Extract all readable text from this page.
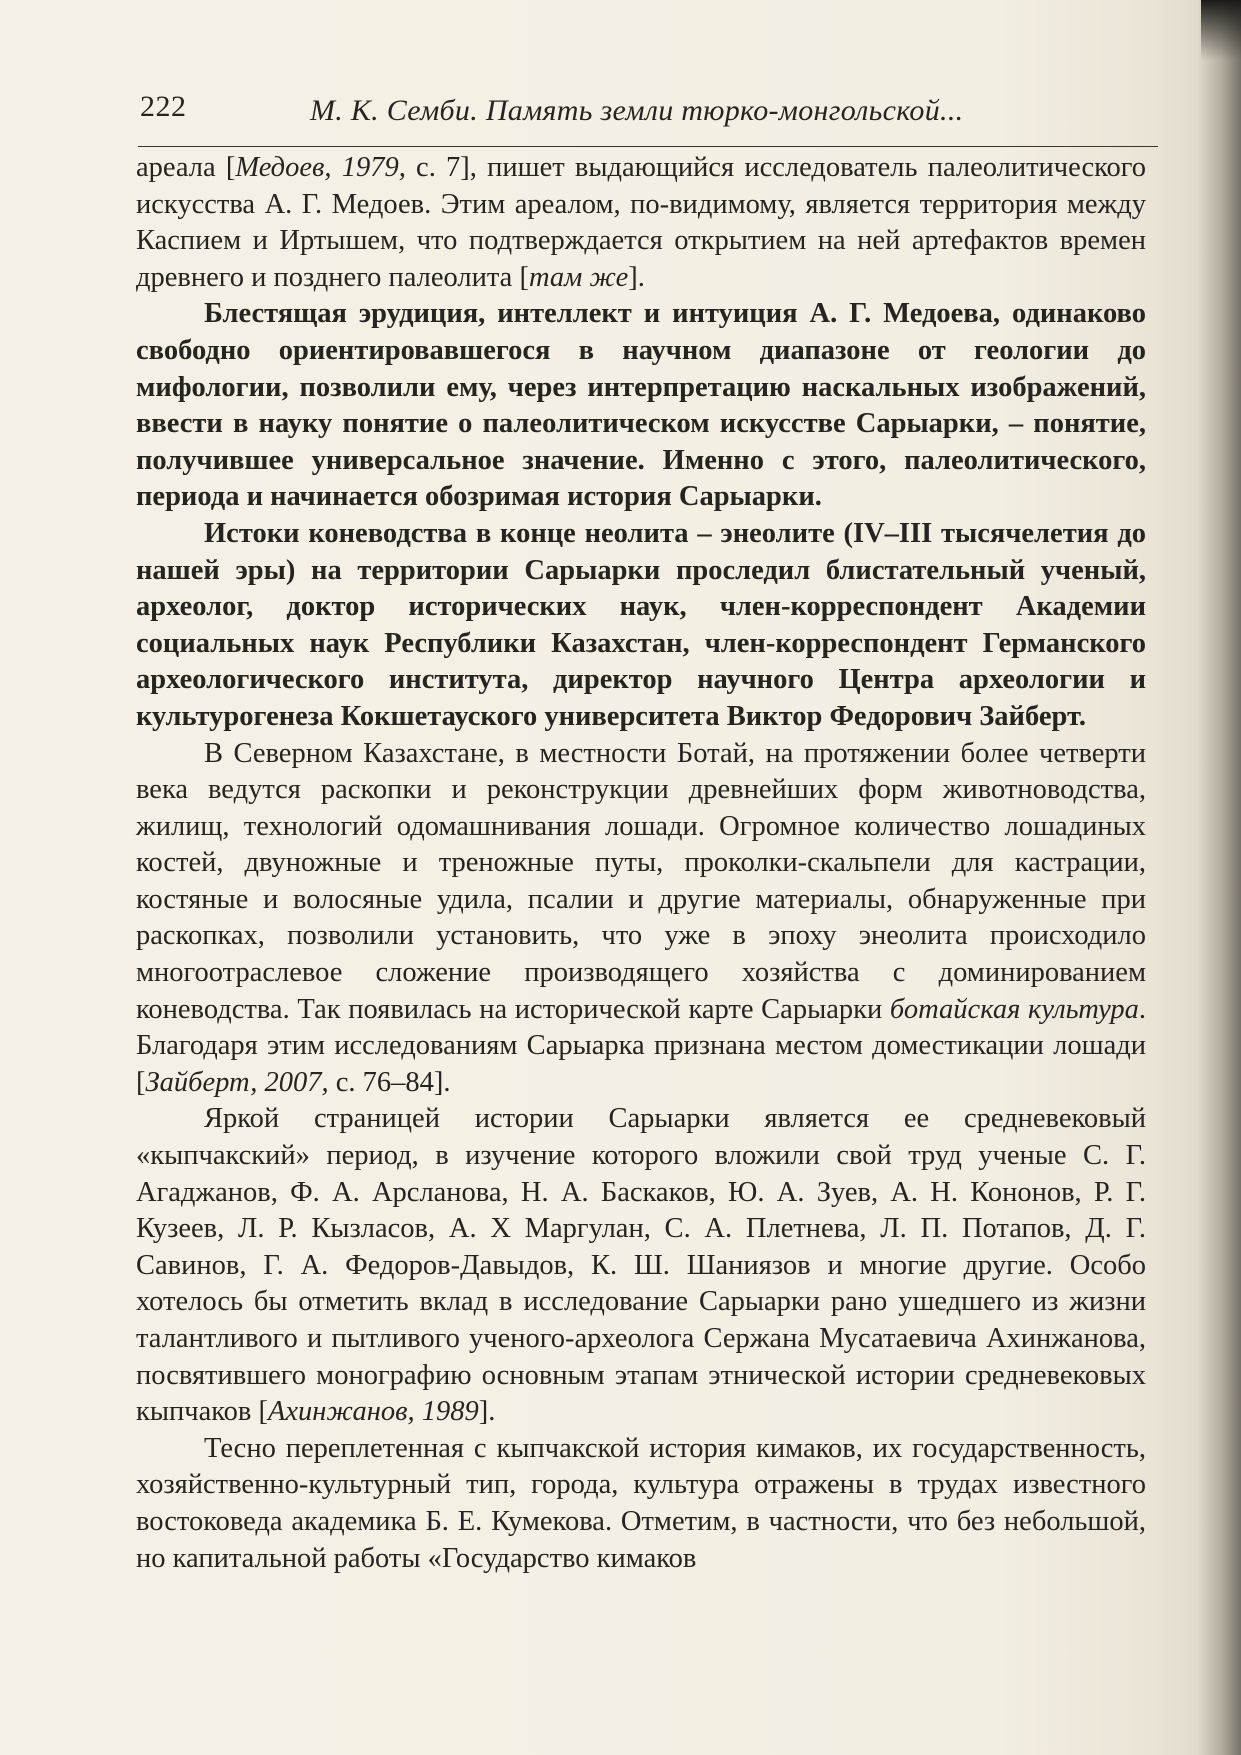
222	М. К. Семби. Память земли тюрко-монгольской...

ареала [Медоев, 1979, с. 7], пишет выдающийся исследователь палеолитического искусства А. Г. Медоев. Этим ареалом, по-видимому, является территория между Каспием и Иртышем, что подтверждается открытием на ней артефактов времен древнего и позднего палеолита [там же].

Блестящая эрудиция, интеллект и интуиция А. Г. Медоева, одинаково свободно ориентировавшегося в научном диапазоне от геологии до мифологии, позволили ему, через интерпретацию наскальных изображений, ввести в науку понятие о палеолитическом искусстве Сарыарки, – понятие, получившее универсальное значение. Именно с этого, палеолитического, периода и начинается обозримая история Сарыарки.

Истоки коневодства в конце неолита – энеолите (IV–III тысячелетия до нашей эры) на территории Сарыарки проследил блистательный ученый, археолог, доктор исторических наук, член-корреспондент Академии социальных наук Республики Казахстан, член-корреспондент Германского археологического института, директор научного Центра археологии и культурогенеза Кокшетауского университета Виктор Федорович Зайберт.

В Северном Казахстане, в местности Ботай, на протяжении более четверти века ведутся раскопки и реконструкции древнейших форм животноводства, жилищ, технологий одомашнивания лошади. Огромное количество лошадиных костей, двуножные и треножные путы, проколки-скальпели для кастрации, костяные и волосяные удила, псалии и другие материалы, обнаруженные при раскопках, позволили установить, что уже в эпоху энеолита происходило многоотраслевое сложение производящего хозяйства с доминированием коневодства. Так появилась на исторической карте Сарыарки ботайская культура. Благодаря этим исследованиям Сарыарка признана местом доместикации лошади [Зайберт, 2007, с. 76–84].

Яркой страницей истории Сарыарки является ее средневековый «кыпчакский» период, в изучение которого вложили свой труд ученые С. Г. Агаджанов, Ф. А. Арсланова, Н. А. Баскаков, Ю. А. Зуев, А. Н. Кононов, Р. Г. Кузеев, Л. Р. Кызласов, А. Х Маргулан, С. А. Плетнева, Л. П. Потапов, Д. Г. Савинов, Г. А. Федоров-Давыдов, К. Ш. Шаниязов и многие другие. Особо хотелось бы отметить вклад в исследование Сарыарки рано ушедшего из жизни талантливого и пытливого ученого-археолога Сержана Мусатаевича Ахинжанова, посвятившего монографию основным этапам этнической истории средневековых кыпчаков [Ахинжанов, 1989].

Тесно переплетенная с кыпчакской история кимаков, их государственность, хозяйственно-культурный тип, города, культура отражены в трудах известного востоковеда академика Б. Е. Кумекова. Отметим, в частности, что без небольшой, но капитальной работы «Государство кимаков
